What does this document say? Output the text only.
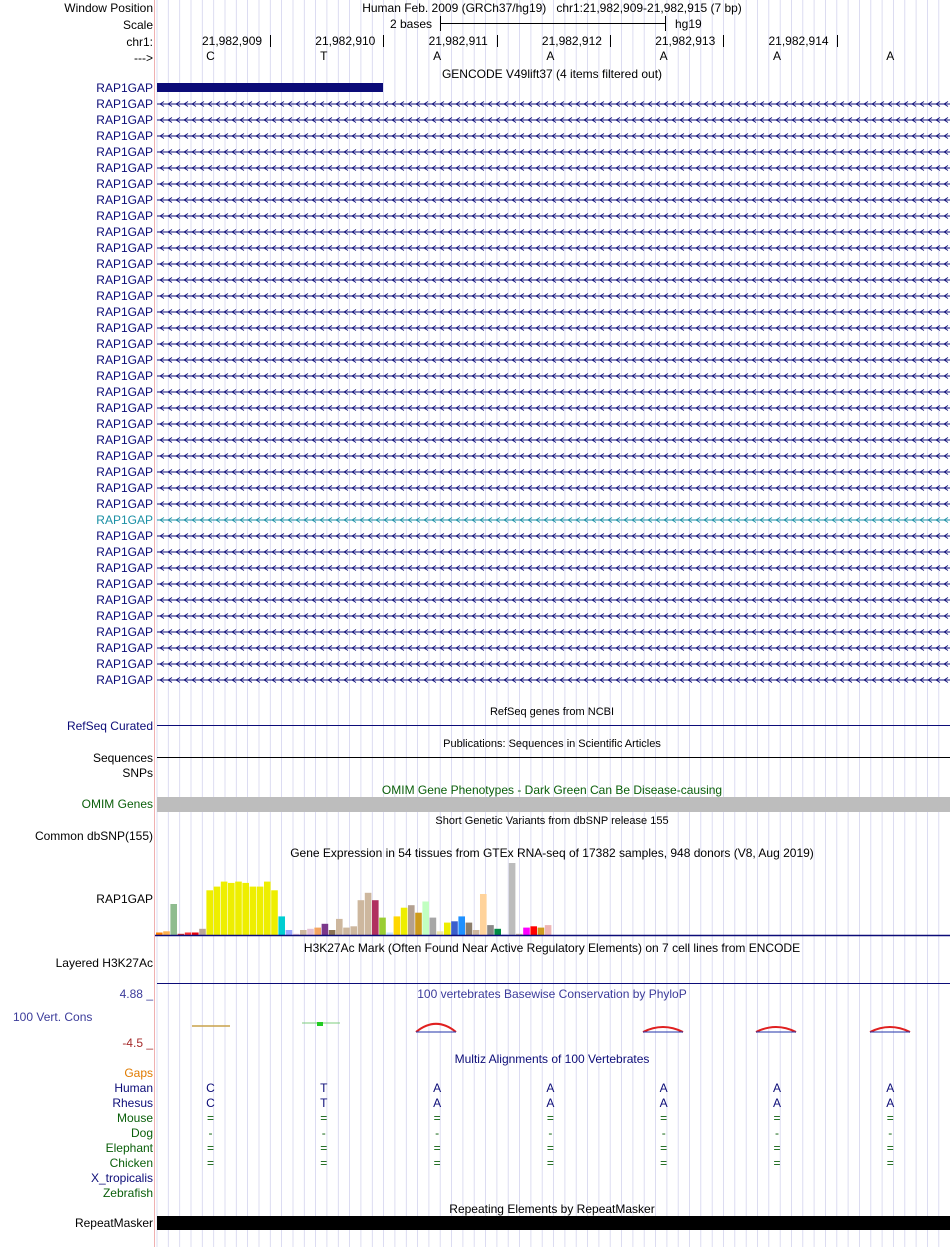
Window Position	Human Feb. 2009 (GRCh37/hg19) chr1:21,982,909-21,982,915 (7 bp)
Scale	2 bases	hg19
chr1:	21,982,909	21,982,910	21,982,911	21,982,912	21,982,913	21,982,914
--->	C	T	A	A	A	A	A
GENCODE V49lift37 (4 items filtered out)
RAP1GAP
RAP1GAP
RAP1GAP
RAP1GAP
RAP1GAP
RAP1GAP
RAP1GAP
RAP1GAP
RAP1GAP
RAP1GAP
RAP1GAP
RAP1GAP
RAP1GAP
RAP1GAP
RAP1GAP
RAP1GAP
RAP1GAP
RAP1GAP
RAP1GAP
RAP1GAP
RAP1GAP
RAP1GAP
RAP1GAP
RAP1GAP
RAP1GAP
RAP1GAP
RAP1GAP
RAP1GAP
RAP1GAP
RAP1GAP
RAP1GAP
RAP1GAP
RAP1GAP
RAP1GAP
RAP1GAP
RAP1GAP
RAP1GAP
RAP1GAP
RefSeq genes from NCBI
RefSeq Curated
Publications: Sequences in Scientific Articles
Sequences
SNPs
OMIM Gene Phenotypes - Dark Green Can Be Disease-causing
OMIM Genes
Short Genetic Variants from dbSNP release 155
Common dbSNP(155)
Gene Expression in 54 tissues from GTEx RNA-seq of 17382 samples, 948 donors (V8, Aug 2019)
RAP1GAP
H3K27Ac Mark (Often Found Near Active Regulatory Elements) on 7 cell lines from ENCODE
Layered H3K27Ac
100 vertebrates Basewise Conservation by PhyloP
4.88 _
100 Vert. Cons
-4.5 _
Multiz Alignments of 100 Vertebrates
Gaps
Human	C	T	A	A	A	A	A
Rhesus	C	T	A	A	A	A	A
Mouse	=	=	=	=	=	=	=
Dog	-	-	-	-	-	-	-
Elephant	=	=	=	=	=	=	=
Chicken	=	=	=	=	=	=	=
X_tropicalis
Zebrafish
Repeating Elements by RepeatMasker
RepeatMasker
